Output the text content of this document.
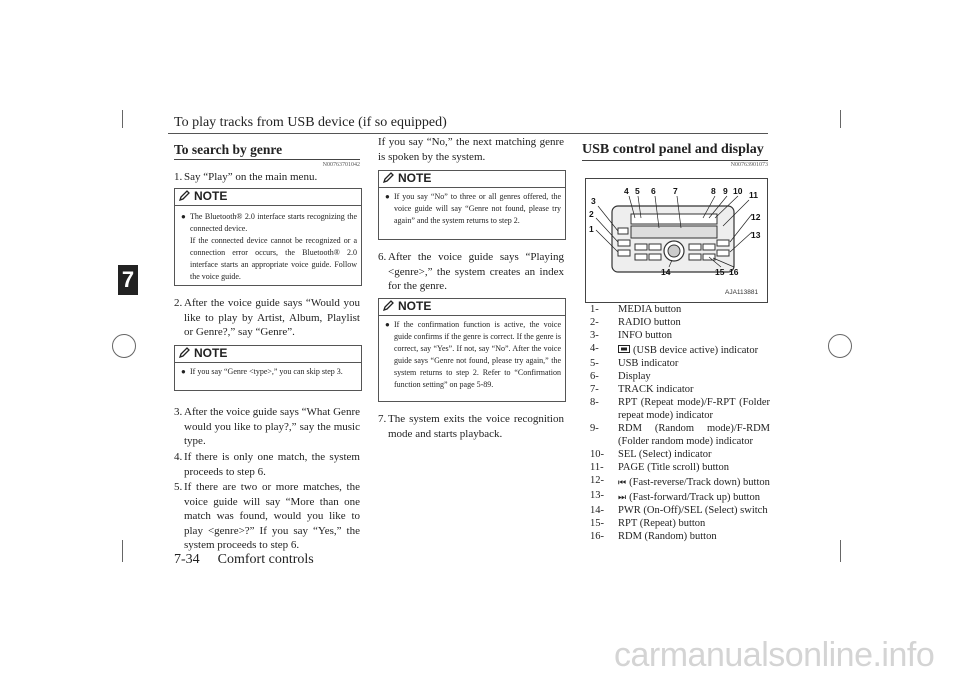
To play tracks from USB device (if so equipped)
7
To search by genre
N00763701042
1. Say “Play” on the main menu.
NOTE
● The Bluetooth® 2.0 interface starts recognizing the connected device.
If the connected device cannot be recognized or a connection error occurs, the Bluetooth® 2.0 interface starts an appropriate voice guide. Follow the voice guide.
2. After the voice guide says “Would you like to play by Artist, Album, Playlist or Genre?,” say “Genre”.
NOTE
● If you say “Genre <type>,” you can skip step 3.
3. After the voice guide says “What Genre would you like to play?,” say the music type.
4. If there is only one match, the system proceeds to step 6.
5. If there are two or more matches, the voice guide will say “More than one match was found, would you like to play <genre>?” If you say “Yes,” the system proceeds to step 6.
If you say “No,” the next matching genre is spoken by the system.
NOTE
● If you say “No” to three or all genres offered, the voice guide will say “Genre not found, please try again” and the system returns to step 2.
6. After the voice guide says “Playing <genre>,” the system creates an index for the genre.
NOTE
● If the confirmation function is active, the voice guide confirms if the genre is correct. If the genre is correct, say “Yes”. If not, say “No”. After the voice guide says “Genre not found, please try again,” the system returns to step 2. Refer to “Confirmation function setting” on page 5-89.
7. The system exits the voice recognition mode and starts playback.
USB control panel and display
N00763901073
3
2
1
4 5 6 7	8 9 10 11
12
13
14	15 16
AJA113881
1- MEDIA button
2- RADIO button
3- INFO button
4-	(USB device active) indicator
5- USB indicator
6- Display
7- TRACK indicator
8- RPT (Repeat mode)/F-RPT (Folder repeat mode) indicator
9- RDM (Random mode)/F-RDM (Folder random mode) indicator
10- SEL (Select) indicator
11- PAGE (Title scroll) button
12- ⏮ (Fast-reverse/Track down) button
13- ⏭ (Fast-forward/Track up) button
14- PWR (On-Off)/SEL (Select) switch
15- RPT (Repeat) button
16- RDM (Random) button
7-34 Comfort controls
carmanualsonline.info
